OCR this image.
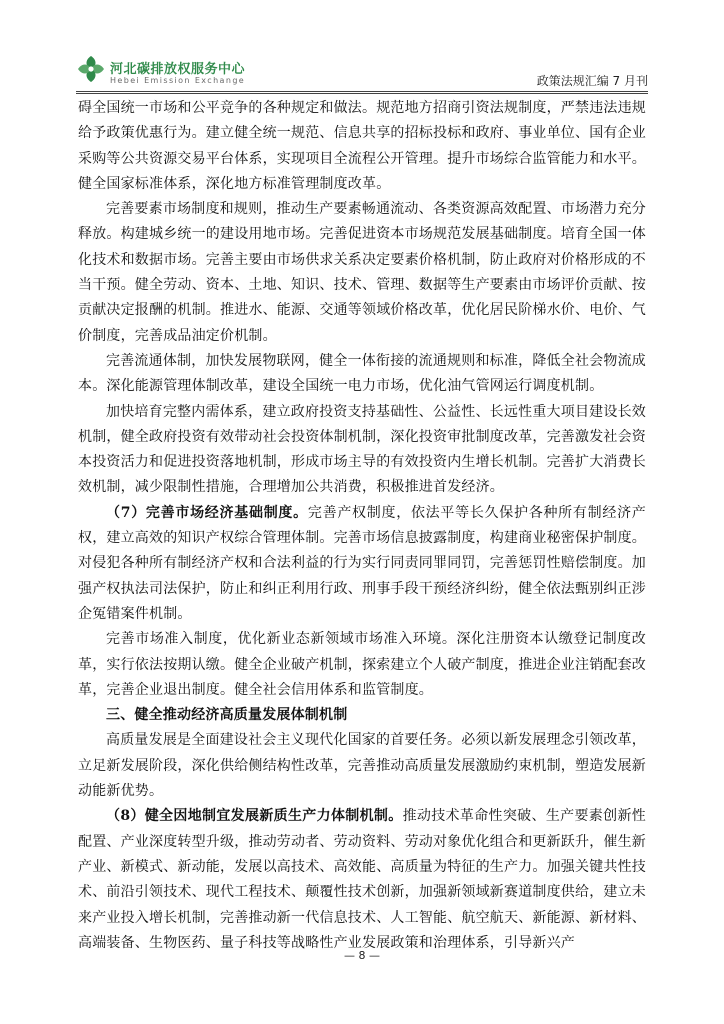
河北碳排放权服务中心
Hebei Emission Exchange	政策法规汇编 7 月刊

碍全国统一市场和公平竞争的各种规定和做法。规范地方招商引资法规制度，严禁违法违规给予政策优惠行为。建立健全统一规范、信息共享的招标投标和政府、事业单位、国有企业采购等公共资源交易平台体系，实现项目全流程公开管理。提升市场综合监管能力和水平。健全国家标准体系，深化地方标准管理制度改革。

完善要素市场制度和规则，推动生产要素畅通流动、各类资源高效配置、市场潜力充分释放。构建城乡统一的建设用地市场。完善促进资本市场规范发展基础制度。培育全国一体化技术和数据市场。完善主要由市场供求关系决定要素价格机制，防止政府对价格形成的不当干预。健全劳动、资本、土地、知识、技术、管理、数据等生产要素由市场评价贡献、按贡献决定报酬的机制。推进水、能源、交通等领域价格改革，优化居民阶梯水价、电价、气价制度，完善成品油定价机制。

完善流通体制，加快发展物联网，健全一体衔接的流通规则和标准，降低全社会物流成本。深化能源管理体制改革，建设全国统一电力市场，优化油气管网运行调度机制。

加快培育完整内需体系，建立政府投资支持基础性、公益性、长远性重大项目建设长效机制，健全政府投资有效带动社会投资体制机制，深化投资审批制度改革，完善激发社会资本投资活力和促进投资落地机制，形成市场主导的有效投资内生增长机制。完善扩大消费长效机制，减少限制性措施，合理增加公共消费，积极推进首发经济。

（7）完善市场经济基础制度。完善产权制度，依法平等长久保护各种所有制经济产权，建立高效的知识产权综合管理体制。完善市场信息披露制度，构建商业秘密保护制度。对侵犯各种所有制经济产权和合法利益的行为实行同责同罪同罚，完善惩罚性赔偿制度。加强产权执法司法保护，防止和纠正利用行政、刑事手段干预经济纠纷，健全依法甄别纠正涉企冤错案件机制。

完善市场准入制度，优化新业态新领域市场准入环境。深化注册资本认缴登记制度改革，实行依法按期认缴。健全企业破产机制，探索建立个人破产制度，推进企业注销配套改革，完善企业退出制度。健全社会信用体系和监管制度。

三、健全推动经济高质量发展体制机制

高质量发展是全面建设社会主义现代化国家的首要任务。必须以新发展理念引领改革，立足新发展阶段，深化供给侧结构性改革，完善推动高质量发展激励约束机制，塑造发展新动能新优势。

（8）健全因地制宜发展新质生产力体制机制。推动技术革命性突破、生产要素创新性配置、产业深度转型升级，推动劳动者、劳动资料、劳动对象优化组合和更新跃升，催生新产业、新模式、新动能，发展以高技术、高效能、高质量为特征的生产力。加强关键共性技术、前沿引领技术、现代工程技术、颠覆性技术创新，加强新领域新赛道制度供给，建立未来产业投入增长机制，完善推动新一代信息技术、人工智能、航空航天、新能源、新材料、高端装备、生物医药、量子科技等战略性产业发展政策和治理体系，引导新兴产

— 8 —
